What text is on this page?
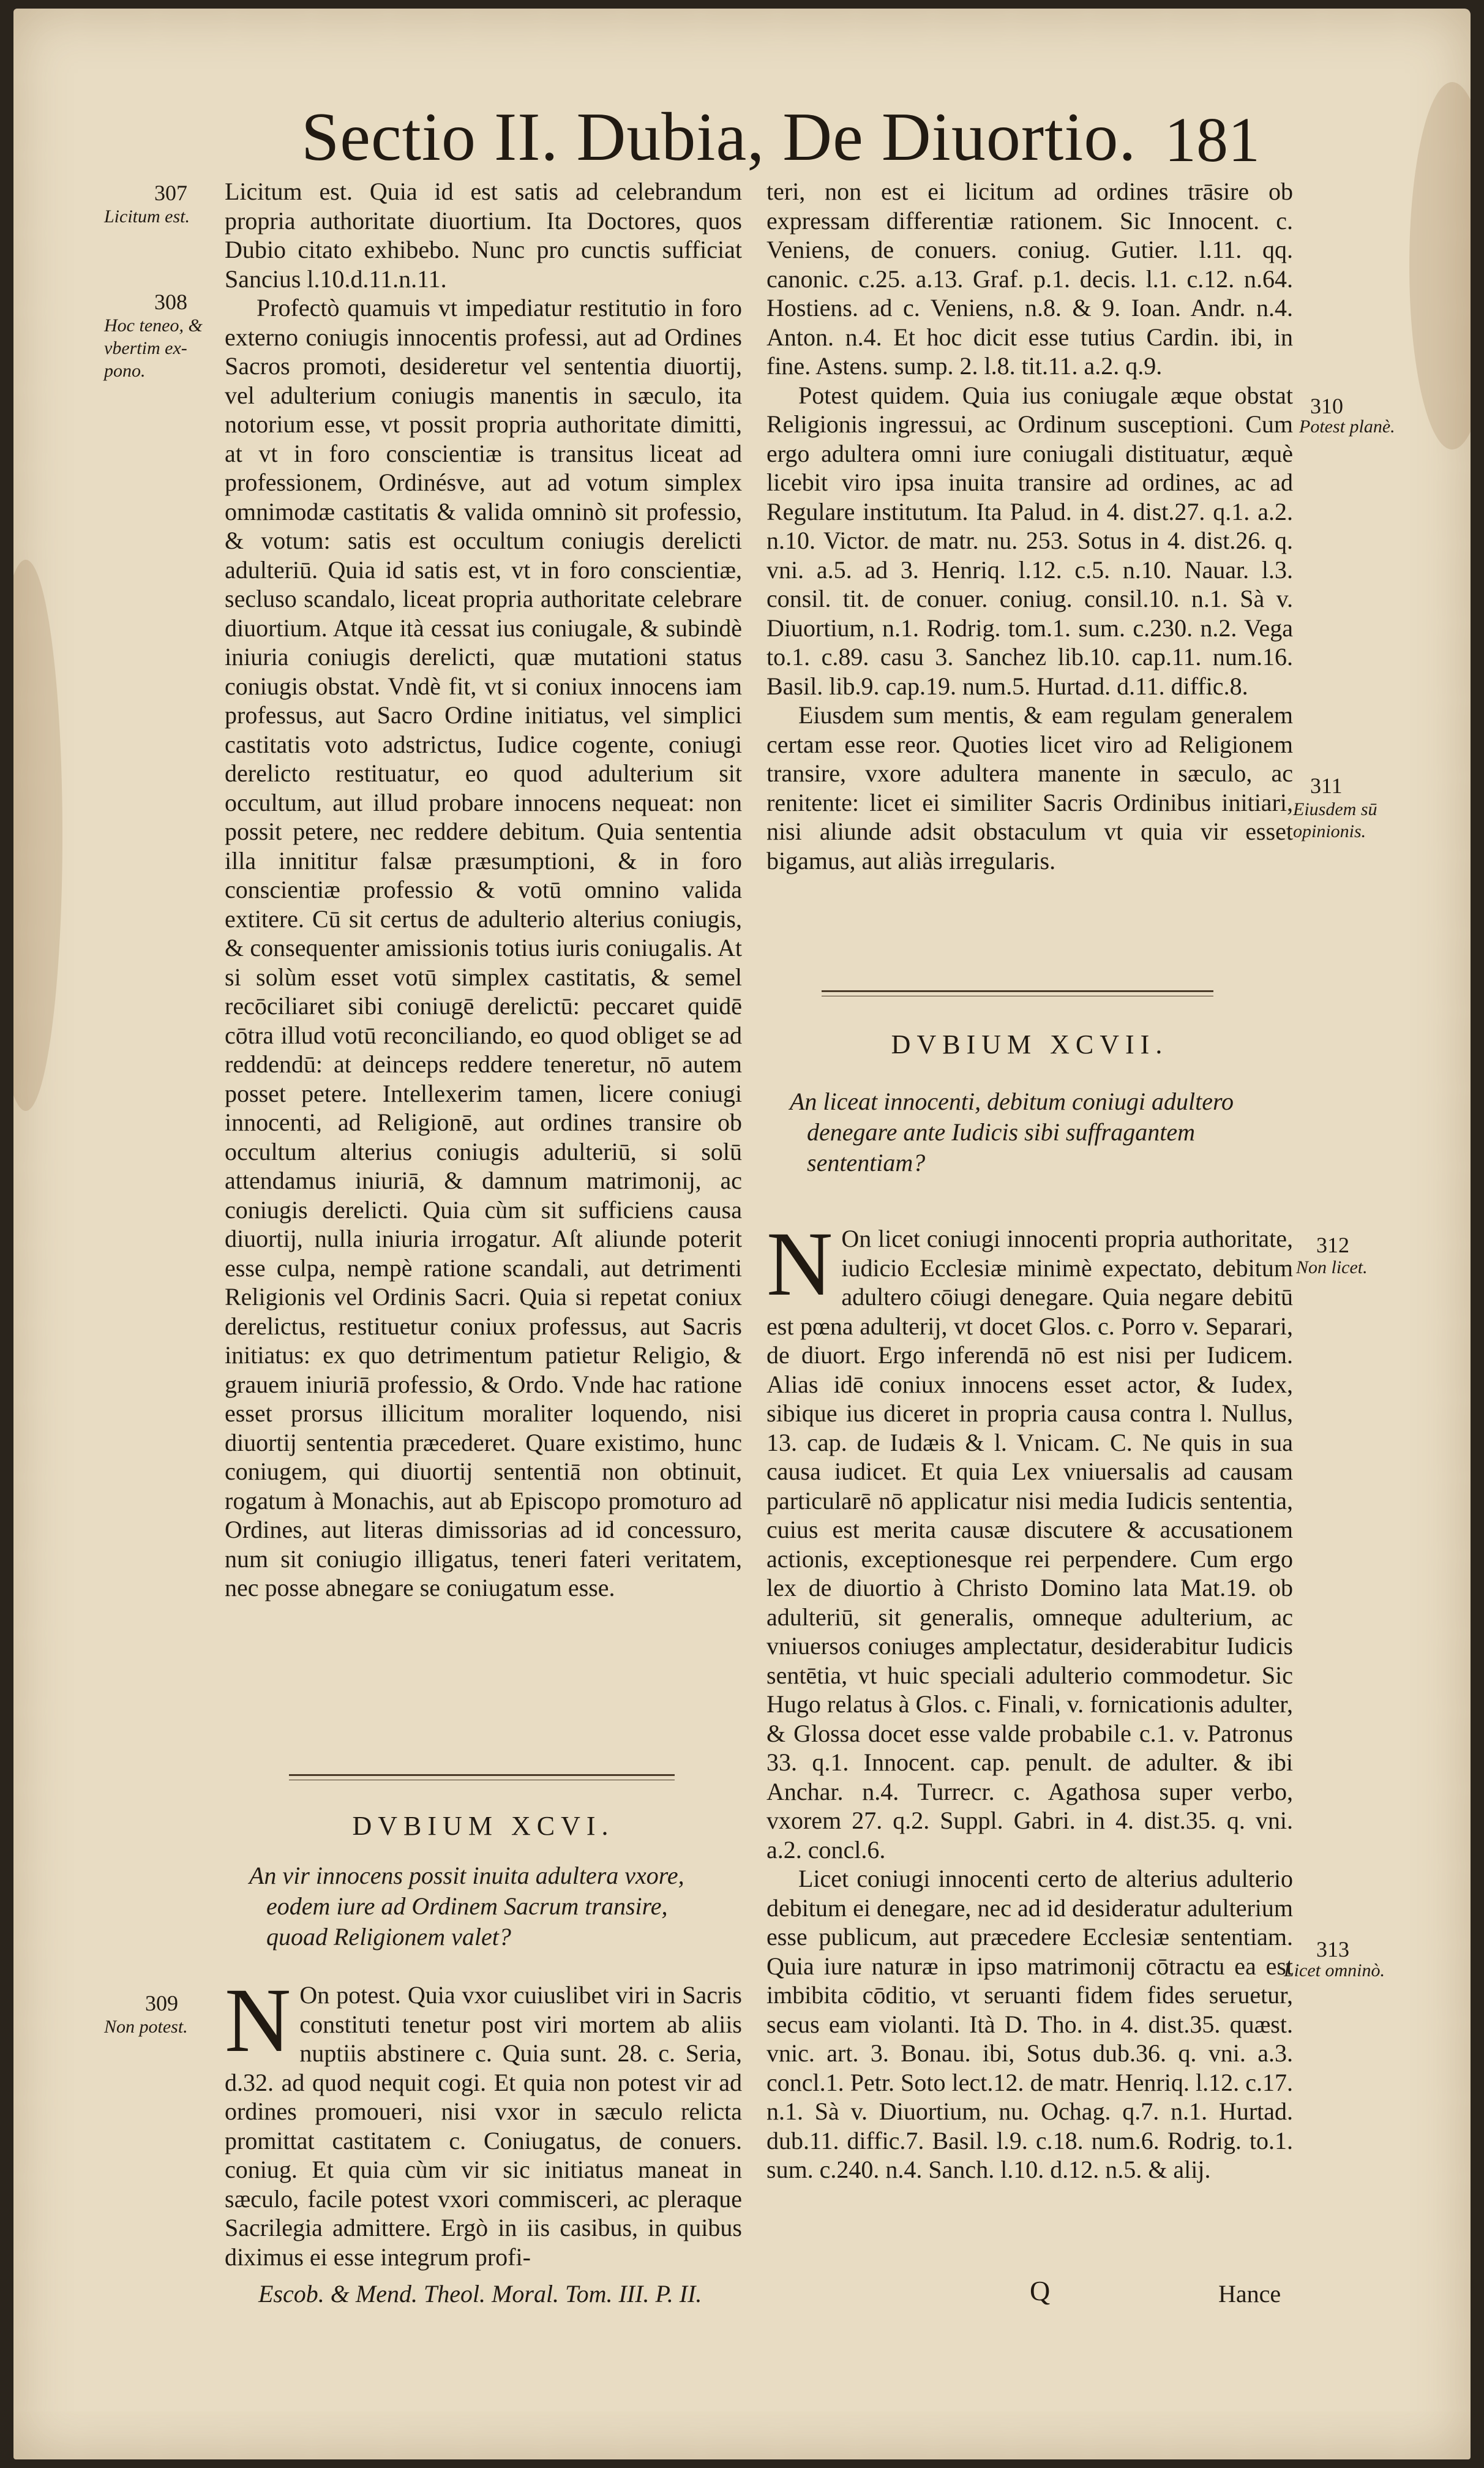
Sectio II. Dubia, De Diuortio. 181
307
Licitum est.
308
Hoc teneo, &
vbertim ex-
pono.
309
Non potest.
310
Potest planè.
311
Eiusdem sū
opinionis.
312
Non licet.
313
Licet omninò.

Licitum est. Quia id est satis ad celebrandum propria authoritate diuortium. Ita Doctores, quos Dubio citato exhibebo. Nunc pro cunctis sufficiat Sancius l.10.d.11.n.11.

Profectò quamuis vt impediatur restitutio in foro externo coniugis innocentis professi, aut ad Ordines Sacros promoti, desideretur vel sententia diuortij, vel adulterium coniugis manentis in sæculo, ita notorium esse, vt possit propria authoritate dimitti, at vt in foro conscientiæ is transitus liceat ad professionem, Ordinésve, aut ad votum simplex omnimodæ castitatis & valida omninò sit professio, & votum: satis est occultum coniugis derelicti adulteriū. Quia id satis est, vt in foro conscientiæ, secluso scandalo, liceat propria authoritate celebrare diuortium. Atque ità cessat ius coniugale, & subindè iniuria coniugis derelicti, quæ mutationi status coniugis obstat. Vndè fit, vt si coniux innocens iam professus, aut Sacro Ordine initiatus, vel simplici castitatis voto adstrictus, Iudice cogente, coniugi derelicto restituatur, eo quod adulterium sit occultum, aut illud probare innocens nequeat: non possit petere, nec reddere debitum. Quia sententia illa innititur falsæ præsumptioni, & in foro conscientiæ professio & votū omnino valida extitere. Cū sit certus de adulterio alterius coniugis, & consequenter amissionis totius iuris coniugalis. At si solùm esset votū simplex castitatis, & semel recōciliaret sibi coniugē derelictū: peccaret quidē cōtra illud votū reconciliando, eo quod obliget se ad reddendū: at deinceps reddere teneretur, nō autem posset petere. Intellexerim tamen, licere coniugi innocenti, ad Religionē, aut ordines transire ob occultum alterius coniugis adulteriū, si solū attendamus iniuriā, & damnum matrimonij, ac coniugis derelicti. Quia cùm sit sufficiens causa diuortij, nulla iniuria irrogatur. Aſt aliunde poterit esse culpa, nempè ratione scandali, aut detrimenti Religionis vel Ordinis Sacri. Quia si repetat coniux derelictus, restituetur coniux professus, aut Sacris initiatus: ex quo detrimentum patietur Religio, & grauem iniuriā professio, & Ordo. Vnde hac ratione esset prorsus illicitum moraliter loquendo, nisi diuortij sententia præcederet. Quare existimo, hunc coniugem, qui diuortij sententiā non obtinuit, rogatum à Monachis, aut ab Episcopo promoturo ad Ordines, aut literas dimissorias ad id concessuro, num sit coniugio illigatus, teneri fateri veritatem, nec posse abnegare se coniugatum esse.

DVBIUM XCVI.

An vir innocens possit inuita adultera vxore, eodem iure ad Ordinem Sacrum transire, quoad Religionem valet?

N On potest. Quia vxor cuiuslibet viri in Sacris constituti tenetur post viri mortem ab aliis nuptiis abstinere c. Quia sunt. 28. c. Seria, d.32. ad quod nequit cogi. Et quia non potest vir ad ordines promoueri, nisi vxor in sæculo relicta promittat castitatem c. Coniugatus, de conuers. coniug. Et quia cùm vir sic initiatus maneat in sæculo, facile potest vxori commisceri, ac pleraque Sacrilegia admittere. Ergò in iis casibus, in quibus diximus ei esse integrum profi-

teri, non est ei licitum ad ordines trāsire ob expressam differentiæ rationem. Sic Innocent. c. Veniens, de conuers. coniug. Gutier. l.11. qq. canonic. c.25. a.13. Graf. p.1. decis. l.1. c.12. n.64. Hostiens. ad c. Veniens, n.8. & 9. Ioan. Andr. n.4. Anton. n.4. Et hoc dicit esse tutius Cardin. ibi, in fine. Astens. sump. 2. l.8. tit.11. a.2. q.9.

Potest quidem. Quia ius coniugale æque obstat Religionis ingressui, ac Ordinum susceptioni. Cum ergo adultera omni iure coniugali distituatur, æquè licebit viro ipsa inuita transire ad ordines, ac ad Regulare institutum. Ita Palud. in 4. dist.27. q.1. a.2. n.10. Victor. de matr. nu. 253. Sotus in 4. dist.26. q. vni. a.5. ad 3. Henriq. l.12. c.5. n.10. Nauar. l.3. consil. tit. de conuer. coniug. consil.10. n.1. Sà v. Diuortium, n.1. Rodrig. tom.1. sum. c.230. n.2. Vega to.1. c.89. casu 3. Sanchez lib.10. cap.11. num.16. Basil. lib.9. cap.19. num.5. Hurtad. d.11. diffic.8.

Eiusdem sum mentis, & eam regulam generalem certam esse reor. Quoties licet viro ad Religionem transire, vxore adultera manente in sæculo, ac renitente: licet ei similiter Sacris Ordinibus initiari, nisi aliunde adsit obstaculum vt quia vir esset bigamus, aut aliàs irregularis.

DVBIUM XCVII.

An liceat innocenti, debitum coniugi adultero denegare ante Iudicis sibi suffragantem sententiam?

N On licet coniugi innocenti propria authoritate, iudicio Ecclesiæ minimè expectato, debitum adultero cōiugi denegare. Quia negare debitū est pœna adulterij, vt docet Glos. c. Porro v. Separari, de diuort. Ergo inferendā nō est nisi per Iudicem. Alias idē coniux innocens esset actor, & Iudex, sibique ius diceret in propria causa contra l. Nullus, 13. cap. de Iudæis & l. Vnicam. C. Ne quis in sua causa iudicet. Et quia Lex vniuersalis ad causam particularē nō applicatur nisi media Iudicis sententia, cuius est merita causæ discutere & accusationem actionis, exceptionesque rei perpendere. Cum ergo lex de diuortio à Christo Domino lata Mat.19. ob adulteriū, sit generalis, omneque adulterium, ac vniuersos coniuges amplectatur, desiderabitur Iudicis sentētia, vt huic speciali adulterio commodetur. Sic Hugo relatus à Glos. c. Finali, v. fornicationis adulter, & Glossa docet esse valde probabile c.1. v. Patronus 33. q.1. Innocent. cap. penult. de adulter. & ibi Anchar. n.4. Turrecr. c. Agathosa super verbo, vxorem 27. q.2. Suppl. Gabri. in 4. dist.35. q. vni. a.2. concl.6.

Licet coniugi innocenti certo de alterius adulterio debitum ei denegare, nec ad id desideratur adulterium esse publicum, aut præcedere Ecclesiæ sententiam. Quia iure naturæ in ipso matrimonij cōtractu ea est imbibita cōditio, vt seruanti fidem fides seruetur, secus eam violanti. Ità D. Tho. in 4. dist.35. quæst. vnic. art. 3. Bonau. ibi, Sotus dub.36. q. vni. a.3. concl.1. Petr. Soto lect.12. de matr. Henriq. l.12. c.17. n.1. Sà v. Diuortium, nu. Ochag. q.7. n.1. Hurtad. dub.11. diffic.7. Basil. l.9. c.18. num.6. Rodrig. to.1. sum. c.240. n.4. Sanch. l.10. d.12. n.5. & alij.

Escob. & Mend. Theol. Moral. Tom. III. P. II.	Q	Hance
